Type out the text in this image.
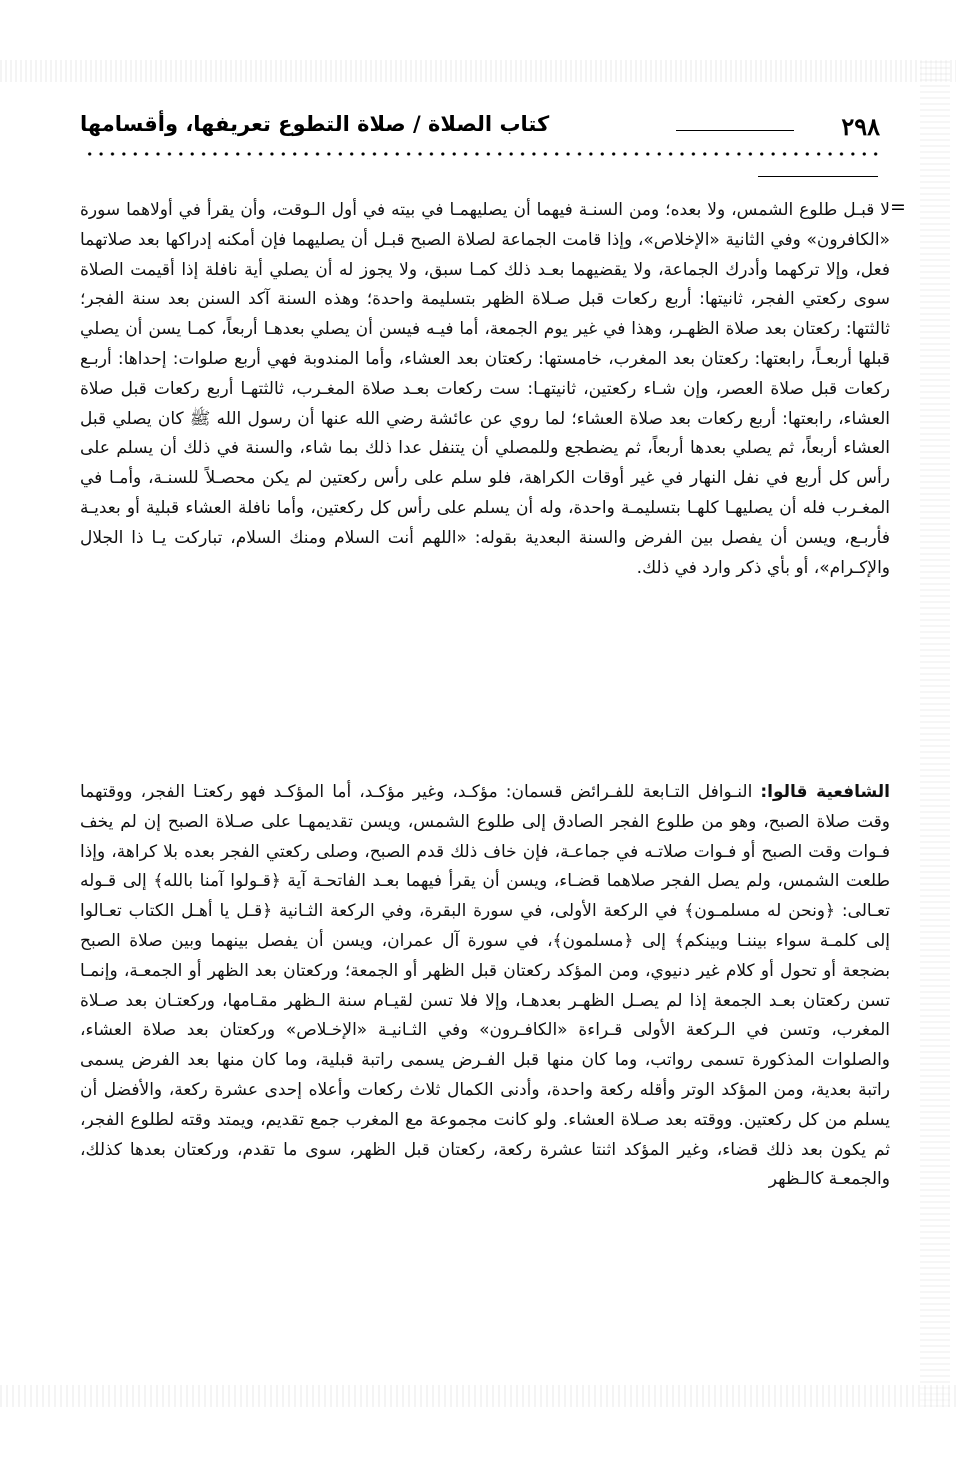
٢٩٨
كتاب الصلاة / صلاة التطوع تعريفها، وأقسامها
=
لا قبـل طلوع الشمس، ولا بعده؛ ومن السنـة فيهما أن يصليهمـا في بيته في أول الـوقت، وأن يقرأ في أولاهما سورة «الكافرون» وفي الثانية «الإخلاص»، وإذا قامت الجماعة لصلاة الصبح قبـل أن يصليهما فإن أمكنه إدراكها بعد صلاتهما فعل، وإلا تركهما وأدرك الجماعة، ولا يقضيهما بعـد ذلك كمـا سبق، ولا يجوز له أن يصلي أية نافلة إذا أقيمت الصلاة سوى ركعتي الفجر، ثانيتها: أربع ركعات قبل صـلاة الظهر بتسليمة واحدة؛ وهذه السنة آكد السنن بعد سنة الفجر؛ ثالثتها: ركعتان بعد صلاة الظهـر، وهذا في غير يوم الجمعة، أما فيـه فيسن أن يصلي بعدهـا أربعاً، كمـا يسن أن يصلي قبلها أربعـاً، رابعتها: ركعتان بعد المغرب، خامستها: ركعتان بعد العشاء، وأما المندوبة فهي أربع صلوات: إحداها: أربـع ركعات قبل صلاة العصر، وإن شـاء ركعتين، ثانيتهـا: ست ركعات بعـد صلاة المغـرب، ثالثتهـا أربع ركعات قبل صلاة العشاء، رابعتها: أربع ركعات بعد صلاة العشاء؛ لما روي عن عائشة رضي الله عنها أن رسول الله ﷺ كان يصلي قبل العشاء أربعاً، ثم يصلي بعدها أربعاً، ثم يضطجع وللمصلي أن يتنفل عدا ذلك بما شاء، والسنة في ذلك أن يسلم على رأس كل أربع في نفل النهار في غير أوقات الكراهة، فلو سلم على رأس ركعتين لم يكن محصـلاً للسنـة، وأمـا في المغـرب فله أن يصليهـا كلهـا بتسليمـة واحدة، وله أن يسلم على رأس كل ركعتين، وأما نافلة العشاء قبلية أو بعديـة فأربـع، ويسن أن يفصل بين الفرض والسنة البعدية بقوله: «اللهم أنت السلام ومنك السلام، تباركت يـا ذا الجلال والإكـرام»، أو بأي ذكر وارد في ذلك.
الشافعية قالوا: النـوافل التـابعة للفـرائض قسمان: مؤكـد، وغير مؤكـد، أما المؤكـد فهو ركعتـا الفجر، ووقتهما وقت صلاة الصبح، وهو من طلوع الفجر الصادق إلى طلوع الشمس، ويسن تقديمهـا على صـلاة الصبح إن لم يخف فـوات وقت الصبح أو فـوات صلاتـه في جماعـة، فإن خاف ذلك قدم الصبح، وصلى ركعتي الفجر بعده بلا كراهة، وإذا طلعت الشمس، ولم يصل الفجر صلاهما قضـاء، ويسن أن يقرأ فيهما بعـد الفاتحـة آية ﴿قـولوا آمنا بالله﴾ إلى قـوله تعـالى: ﴿ونحن له مسلمـون﴾ في الركعة الأولى، في سورة البقرة، وفي الركعة الثـانية ﴿قـل يا أهـل الكتاب تعـالوا إلى كلمـة سواء بيننـا وبينكم﴾ إلى ﴿مسلمون﴾، في سورة آل عمران، ويسن أن يفصل بينهما وبين صلاة الصبح بضجعة أو تحول أو كلام غير دنيوي، ومن المؤكد ركعتان قبل الظهر أو الجمعة؛ وركعتان بعد الظهر أو الجمعـة، وإنمـا تسن ركعتان بعـد الجمعة إذا لم يصـل الظهـر بعدهـا، وإلا فلا تسن لقيـام سنة الـظهر مقـامها، وركعتـان بعد صـلاة المغرب، وتسن في الـركعة الأولى قـراءة «الكافـرون» وفي الثـانيـة «الإخـلاص» وركعتان بعد صلاة العشاء، والصلوات المذكورة تسمى رواتب، وما كان منها قبل الفـرض يسمى راتبة قبلية، وما كان منها بعد الفرض يسمى راتبة بعدية، ومن المؤكد الوتر وأقله ركعة واحدة، وأدنى الكمال ثلاث ركعات وأعلاه إحدى عشرة ركعة، والأفضل أن يسلم من كل ركعتين. ووقته بعد صـلاة العشاء. ولو كانت مجموعة مع المغرب جمع تقديم، ويمتد وقته لطلوع الفجر، ثم يكون بعد ذلك قضاء، وغير المؤكد اثنتا عشرة ركعة، ركعتان قبل الظهر، سوى ما تقدم، وركعتان بعدها كذلك، والجمعـة كالـظهر
